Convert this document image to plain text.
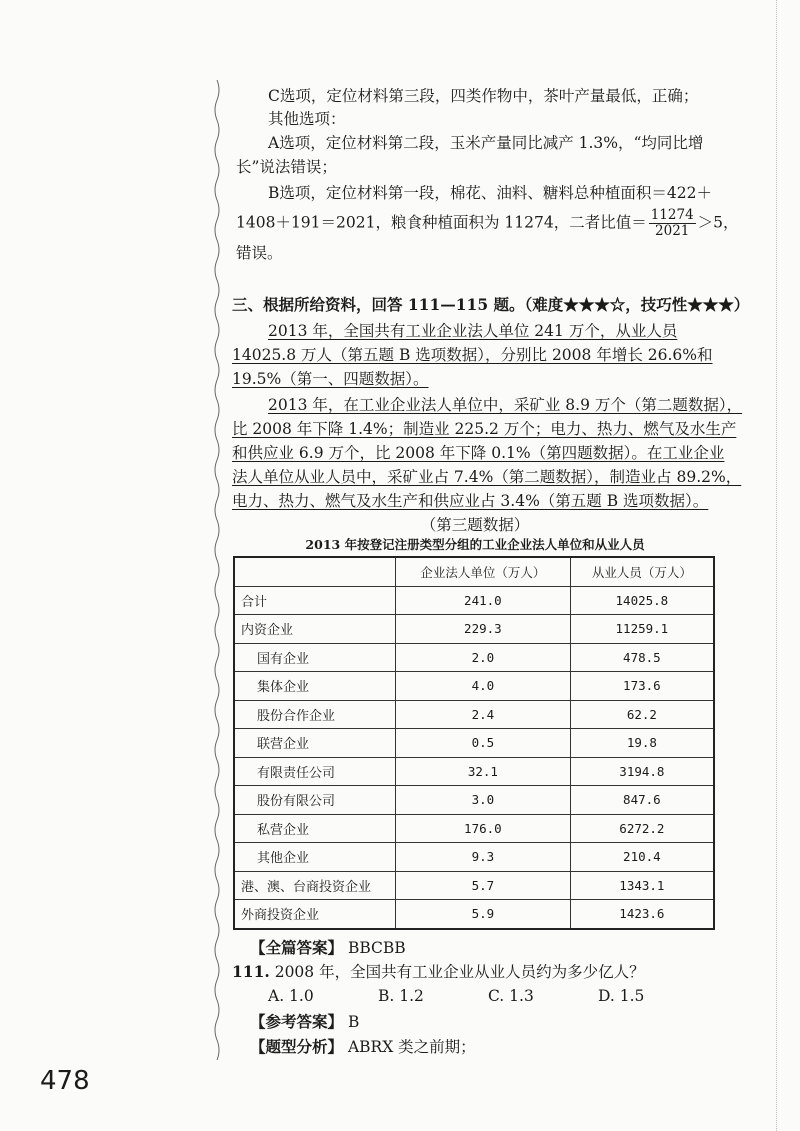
C选项，定位材料第三段，四类作物中，茶叶产量最低，正确；
其他选项：
A选项，定位材料第二段，玉米产量同比减产 1.3%，“均同比增
长”说法错误；
B选项，定位材料第一段，棉花、油料、糖料总种植面积＝422＋
1408＋191＝2021，粮食种植面积为 11274，二者比值＝ $\frac{11274}{2021} >5$，
错误。
三、根据所给资料，回答 111—115 题。（难度★★★☆，技巧性★★★）
2013 年，全国共有工业企业法人单位 241 万个，从业人员
14025.8 万人（第五题 B 选项数据），分别比 2008 年增长 26.6%和
19.5%（第一、四题数据）。
2013 年，在工业企业法人单位中，采矿业 8.9 万个（第二题数据），
比 2008 年下降 1.4%；制造业 225.2 万个；电力、热力、燃气及水生产
和供应业 6.9 万个，比 2008 年下降 0.1%（第四题数据）。在工业企业
法人单位从业人员中，采矿业占 7.4%（第二题数据），制造业占 89.2%，
电力、热力、燃气及水生产和供应业占 3.4%（第五题 B 选项数据）。
（第三题数据）
2013 年按登记注册类型分组的工业企业法人单位和从业人员
	企业法人单位（万人）	从业人员（万人）
合计	241.0	14025.8
内资企业	229.3	11259.1
国有企业	2.0	478.5
集体企业	4.0	173.6
股份合作企业	2.4	62.2
联营企业	0.5	19.8
有限责任公司	32.1	3194.8
股份有限公司	3.0	847.6
私营企业	176.0	6272.2
其他企业	9.3	210.4
港、澳、台商投资企业	5.7	1343.1
外商投资企业	5.9	1423.6
【全篇答案】 BBCBB
111. 2008 年，全国共有工业企业从业人员约为多少亿人？
A. 1.0	B. 1.2	C. 1.3	D. 1.5
【参考答案】 B
【题型分析】 ABRX 类之前期；
478
